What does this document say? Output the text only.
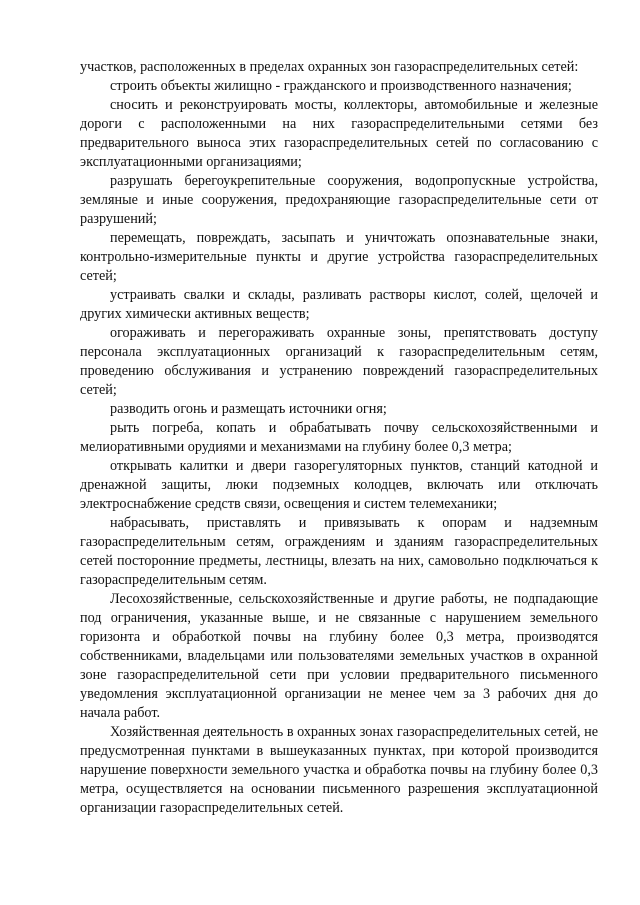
участков, расположенных в пределах охранных зон газораспределительных сетей:

строить объекты жилищно - гражданского и производственного назначения;

сносить и реконструировать мосты, коллекторы, автомобильные и железные дороги с расположенными на них газораспределительными сетями без предварительного выноса этих газораспределительных сетей по согласованию с эксплуатационными организациями;

разрушать берегоукрепительные сооружения, водопропускные устройства, земляные и иные сооружения, предохраняющие газораспределительные сети от разрушений;

перемещать, повреждать, засыпать и уничтожать опознавательные знаки, контрольно-измерительные пункты и другие устройства газораспределительных сетей;

устраивать свалки и склады, разливать растворы кислот, солей, щелочей и других химически активных веществ;

огораживать и перегораживать охранные зоны, препятствовать доступу персонала эксплуатационных организаций к газораспределительным сетям, проведению обслуживания и устранению повреждений газораспределительных сетей;

разводить огонь и размещать источники огня;

рыть погреба, копать и обрабатывать почву сельскохозяйственными и мелиоративными орудиями и механизмами на глубину более 0,3 метра;

открывать калитки и двери газорегуляторных пунктов, станций катодной и дренажной защиты, люки подземных колодцев, включать или отключать электроснабжение средств связи, освещения и систем телемеханики;

набрасывать, приставлять и привязывать к опорам и надземным газораспределительным сетям, ограждениям и зданиям газораспределительных сетей посторонние предметы, лестницы, влезать на них, самовольно подключаться к газораспределительным сетям.

Лесохозяйственные, сельскохозяйственные и другие работы, не подпадающие под ограничения, указанные выше, и не связанные с нарушением земельного горизонта и обработкой почвы на глубину более 0,3 метра, производятся собственниками, владельцами или пользователями земельных участков в охранной зоне газораспределительной сети при условии предварительного письменного уведомления эксплуатационной организации не менее чем за 3 рабочих дня до начала работ.

Хозяйственная деятельность в охранных зонах газораспределительных сетей, не предусмотренная пунктами в вышеуказанных пунктах, при которой производится нарушение поверхности земельного участка и обработка почвы на глубину более 0,3 метра, осуществляется на основании письменного разрешения эксплуатационной организации газораспределительных сетей.
